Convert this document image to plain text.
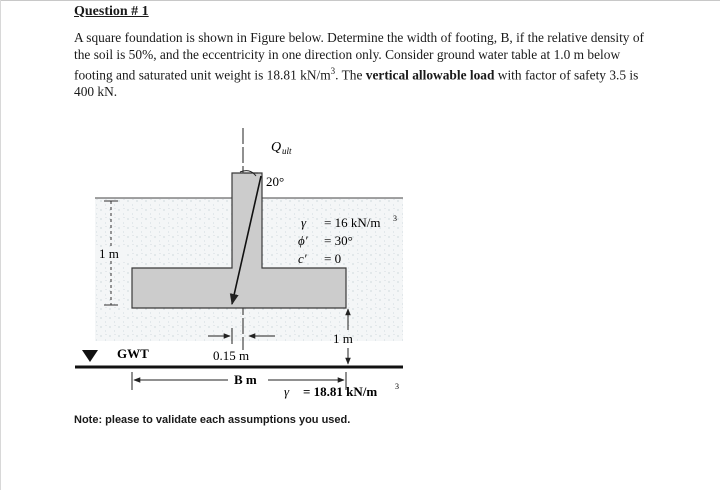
Question # 1
A square foundation is shown in Figure below. Determine the width of footing, B, if the relative density of the soil is 50%, and the eccentricity in one direction only. Consider ground water table at 1.0 m below footing and saturated unit weight is 18.81 $kN/m^3$. The vertical allowable load with factor of safety 3.5 is 400 kN.
Q ult
20°
γ = 16 kN/m 3
ϕ′ = 30°
c′ = 0
1 m
1 m
0.15 m
GWT
B m
γ = 18.81 kN/m 3
Note: please to validate each assumptions you used.
